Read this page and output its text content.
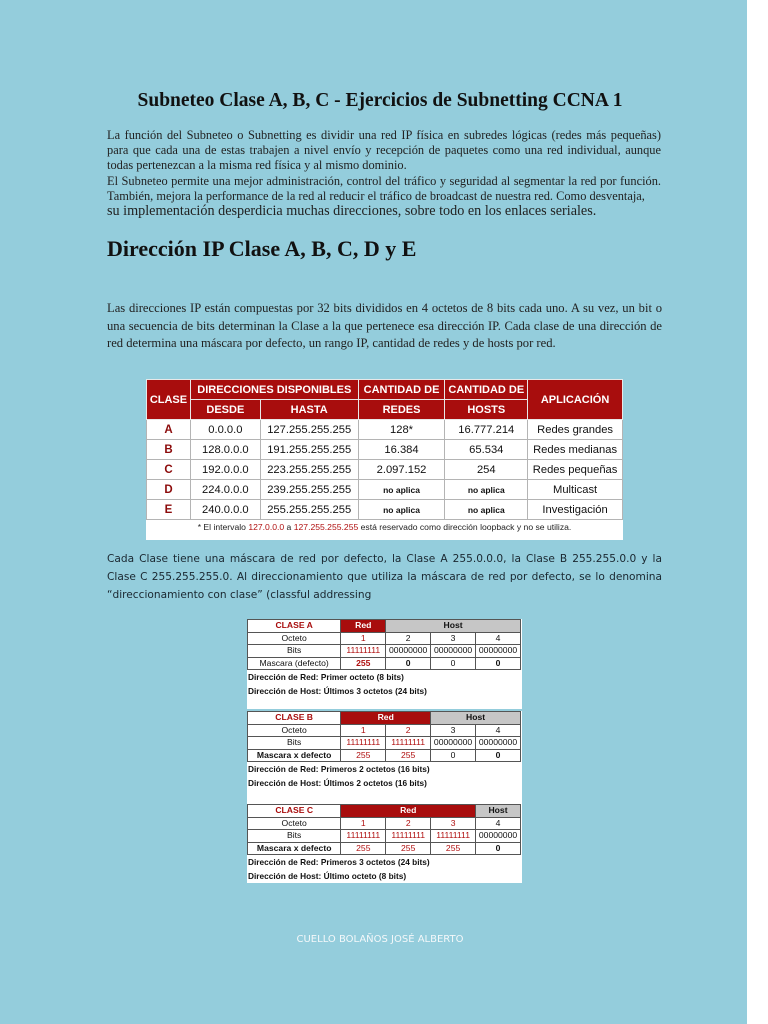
Subneteo Clase A, B, C - Ejercicios de Subnetting CCNA 1

La función del Subneteo o Subnetting es dividir una red IP física en subredes lógicas (redes más pequeñas) para que cada una de estas trabajen a nivel envío y recepción de paquetes como una red individual, aunque todas pertenezcan a la misma red física y al mismo dominio.
El Subneteo permite una mejor administración, control del tráfico y seguridad al segmentar la red por función. También, mejora la performance de la red al reducir el tráfico de broadcast de nuestra red. Como desventaja,
su implementación desperdicia muchas direcciones, sobre todo en los enlaces seriales.

Dirección IP Clase A, B, C, D y E

Las direcciones IP están compuestas por 32 bits divididos en 4 octetos de 8 bits cada uno. A su vez, un bit o una secuencia de bits determinan la Clase a la que pertenece esa dirección IP. Cada clase de una dirección de red determina una máscara por defecto, un rango IP, cantidad de redes y de hosts por red.

CLASE	DIRECCIONES DISPONIBLES		CANTIDAD DE	CANTIDAD DE	APLICACIÓN
	DESDE	HASTA	REDES	HOSTS	
A	0.0.0.0	127.255.255.255	128*	16.777.214	Redes grandes
B	128.0.0.0	191.255.255.255	16.384	65.534	Redes medianas
C	192.0.0.0	223.255.255.255	2.097.152	254	Redes pequeñas
D	224.0.0.0	239.255.255.255	no aplica	no aplica	Multicast
E	240.0.0.0	255.255.255.255	no aplica	no aplica	Investigación
* El intervalo 127.0.0.0 a 127.255.255.255 está reservado como dirección loopback y no se utiliza.

Cada Clase tiene una máscara de red por defecto, la Clase A 255.0.0.0, la Clase B 255.255.0.0 y la Clase C 255.255.255.0. Al direccionamiento que utiliza la máscara de red por defecto, se lo denomina “direccionamiento con clase” (classful addressing

CLASE A	Red	Host		
Octeto	1	2	3	4
Bits	11111111	00000000	00000000	00000000
Mascara (defecto)	255	0	0	0
Dirección de Red: Primer octeto (8 bits)
Dirección de Host: Últimos 3 octetos (24 bits)
CLASE B	Red		Host	
Octeto	1	2	3	4
Bits	11111111	11111111	00000000	00000000
Mascara x defecto	255	255	0	0
Dirección de Red: Primeros 2 octetos (16 bits)
Dirección de Host: Últimos 2 octetos (16 bits)
CLASE C	Red			Host
Octeto	1	2	3	4
Bits	11111111	11111111	11111111	00000000
Mascara x defecto	255	255	255	0
Dirección de Red: Primeros 3 octetos (24 bits)
Dirección de Host: Último octeto (8 bits)
CUELLO BOLAÑOS JOSÉ ALBERTO
